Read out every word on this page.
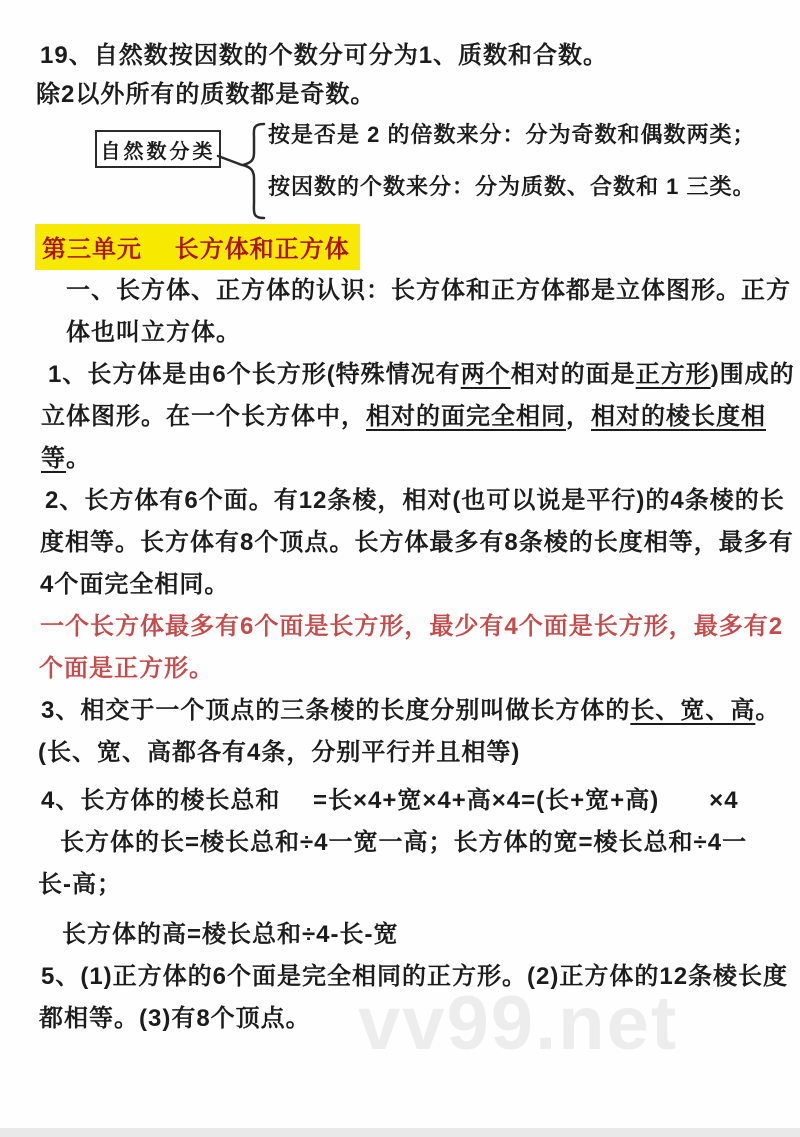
vv99.net
19、自然数按因数的个数分可分为1、质数和合数。
除2以外所有的质数都是奇数。
自然数分类
按是否是 2 的倍数来分：分为奇数和偶数两类；
按因数的个数来分：分为质数、合数和 1 三类。
第三单元　 长方体和正方体
一、长方体、正方体的认识：长方体和正方体都是立体图形。正方
体也叫立方体。
1、长方体是由6个长方形(特殊情况有两个相对的面是正方形)围成的
立体图形。在一个长方体中，相对的面完全相同，相对的棱长度相
等。
2、长方体有6个面。有12条棱，相对(也可以说是平行)的4条棱的长
度相等。长方体有8个顶点。长方体最多有8条棱的长度相等，最多有
4个面完全相同。
一个长方体最多有6个面是长方形，最少有4个面是长方形，最多有2
个面是正方形。
3、相交于一个顶点的三条棱的长度分别叫做长方体的长、宽、高。
(长、宽、高都各有4条，分别平行并且相等)
4、长方体的棱长总和　 =长×4+宽×4+高×4=(长+宽+高)　　×4
长方体的长=棱长总和÷4一宽一高；长方体的宽=棱长总和÷4一
长-高；
长方体的高=棱长总和÷4-长-宽
5、(1)正方体的6个面是完全相同的正方形。(2)正方体的12条棱长度
都相等。(3)有8个顶点。
